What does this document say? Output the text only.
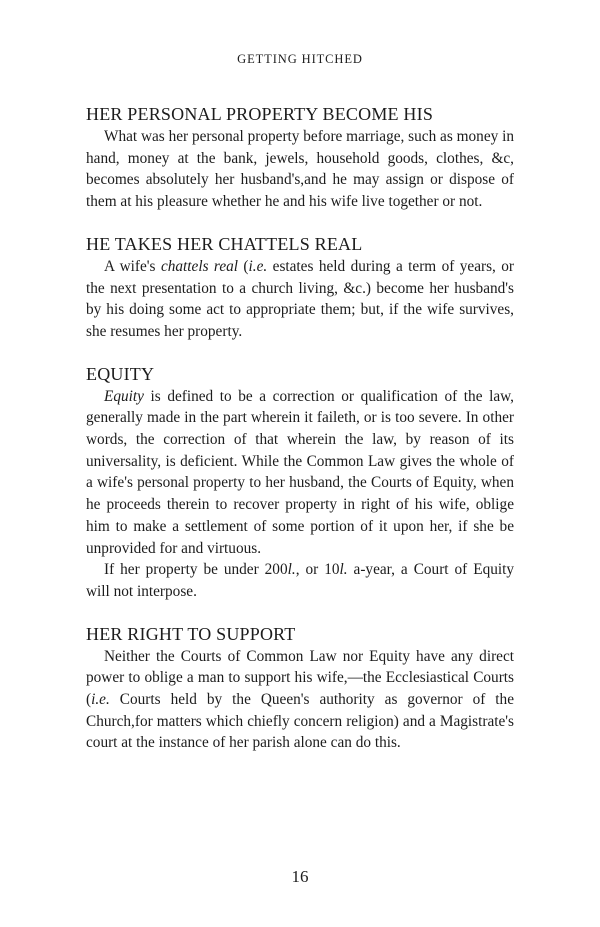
GETTING HITCHED
HER PERSONAL PROPERTY BECOME HIS

What was her personal property before marriage, such as money in hand, money at the bank, jewels, household goods, clothes, &c, becomes absolutely her husband's,and he may assign or dispose of them at his pleasure whether he and his wife live together or not.

HE TAKES HER CHATTELS REAL

A wife's chattels real (i.e. estates held during a term of years, or the next presentation to a church living, &c.) become her husband's by his doing some act to appropriate them; but, if the wife survives, she resumes her property.

EQUITY

Equity is defined to be a correction or qualification of the law, generally made in the part wherein it faileth, or is too severe. In other words, the correction of that wherein the law, by reason of its universality, is deficient. While the Common Law gives the whole of a wife's personal property to her husband, the Courts of Equity, when he proceeds therein to recover property in right of his wife, oblige him to make a settlement of some portion of it upon her, if she be unprovided for and virtuous.

If her property be under 200l., or 10l. a-year, a Court of Equity will not interpose.

HER RIGHT TO SUPPORT

Neither the Courts of Common Law nor Equity have any direct power to oblige a man to support his wife,—the Ecclesiastical Courts (i.e. Courts held by the Queen's authority as governor of the Church,for matters which chiefly concern religion) and a Magistrate's court at the instance of her parish alone can do this.

16
